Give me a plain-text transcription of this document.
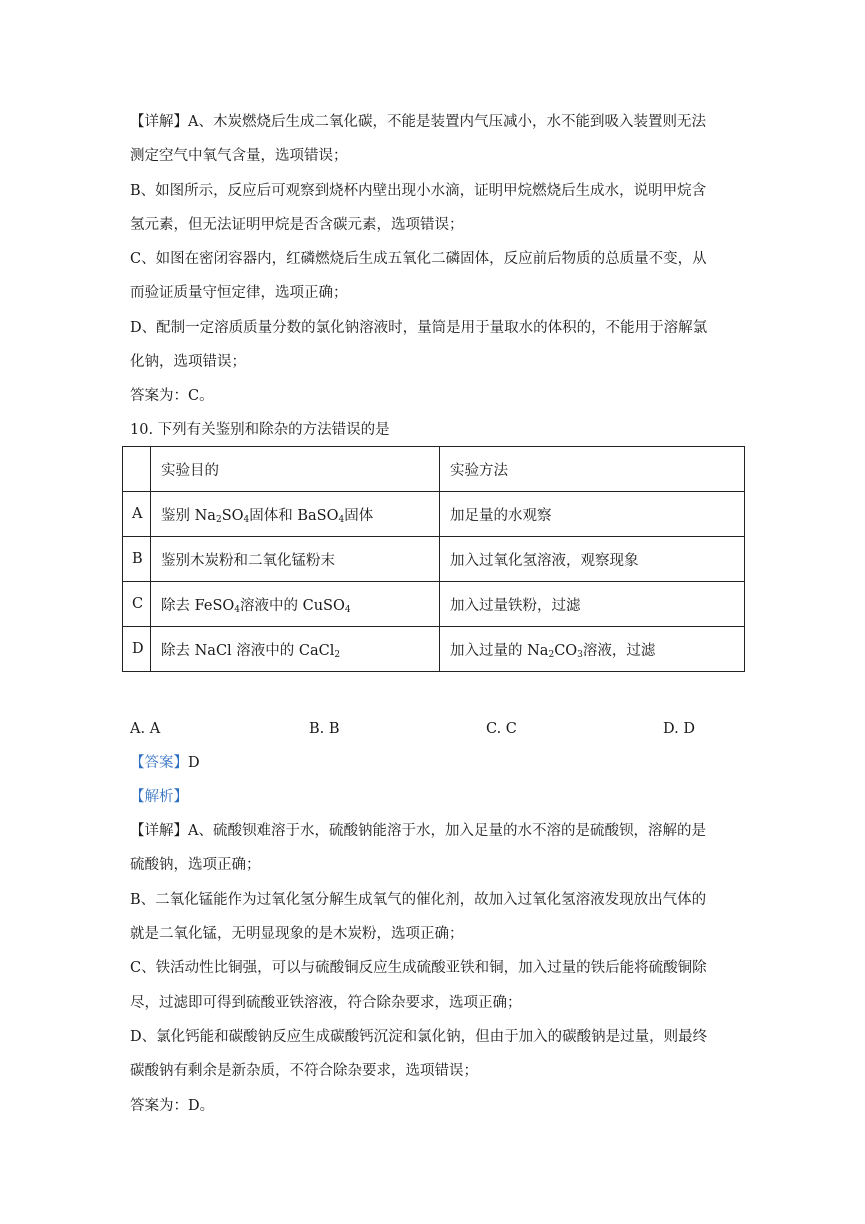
【详解】A、木炭燃烧后生成二氧化碳，不能是装置内气压减小，水不能到吸入装置则无法
测定空气中氧气含量，选项错误；
B、如图所示，反应后可观察到烧杯内壁出现小水滴，证明甲烷燃烧后生成水，说明甲烷含
氢元素，但无法证明甲烷是否含碳元素，选项错误；
C、如图在密闭容器内，红磷燃烧后生成五氧化二磷固体，反应前后物质的总质量不变，从
而验证质量守恒定律，选项正确；
D、配制一定溶质质量分数的氯化钠溶液时，量筒是用于量取水的体积的，不能用于溶解氯
化钠，选项错误；
答案为：C。
10. 下列有关鉴别和除杂的方法错误的是
	实验目的	实验方法
A	鉴别 $Na_2SO_4$固体和 BaSO$_4$固体	加足量的水观察
B	鉴别木炭粉和二氧化锰粉末	加入过氧化氢溶液，观察现象
C	除去 FeSO$_4$溶液中的 CuSO$_4$	加入过量铁粉，过滤
D	除去 NaCl 溶液中的 CaCl$_2$	加入过量的 $Na_2CO_3$溶液，过滤
A. A	B. B	C. C	D. D
【答案】D
【解析】
【详解】A、硫酸钡难溶于水，硫酸钠能溶于水，加入足量的水不溶的是硫酸钡，溶解的是
硫酸钠，选项正确；
B、二氧化锰能作为过氧化氢分解生成氧气的催化剂，故加入过氧化氢溶液发现放出气体的
就是二氧化锰，无明显现象的是木炭粉，选项正确；
C、铁活动性比铜强，可以与硫酸铜反应生成硫酸亚铁和铜，加入过量的铁后能将硫酸铜除
尽，过滤即可得到硫酸亚铁溶液，符合除杂要求，选项正确；
D、氯化钙能和碳酸钠反应生成碳酸钙沉淀和氯化钠，但由于加入的碳酸钠是过量，则最终
碳酸钠有剩余是新杂质，不符合除杂要求，选项错误；
答案为：D。
